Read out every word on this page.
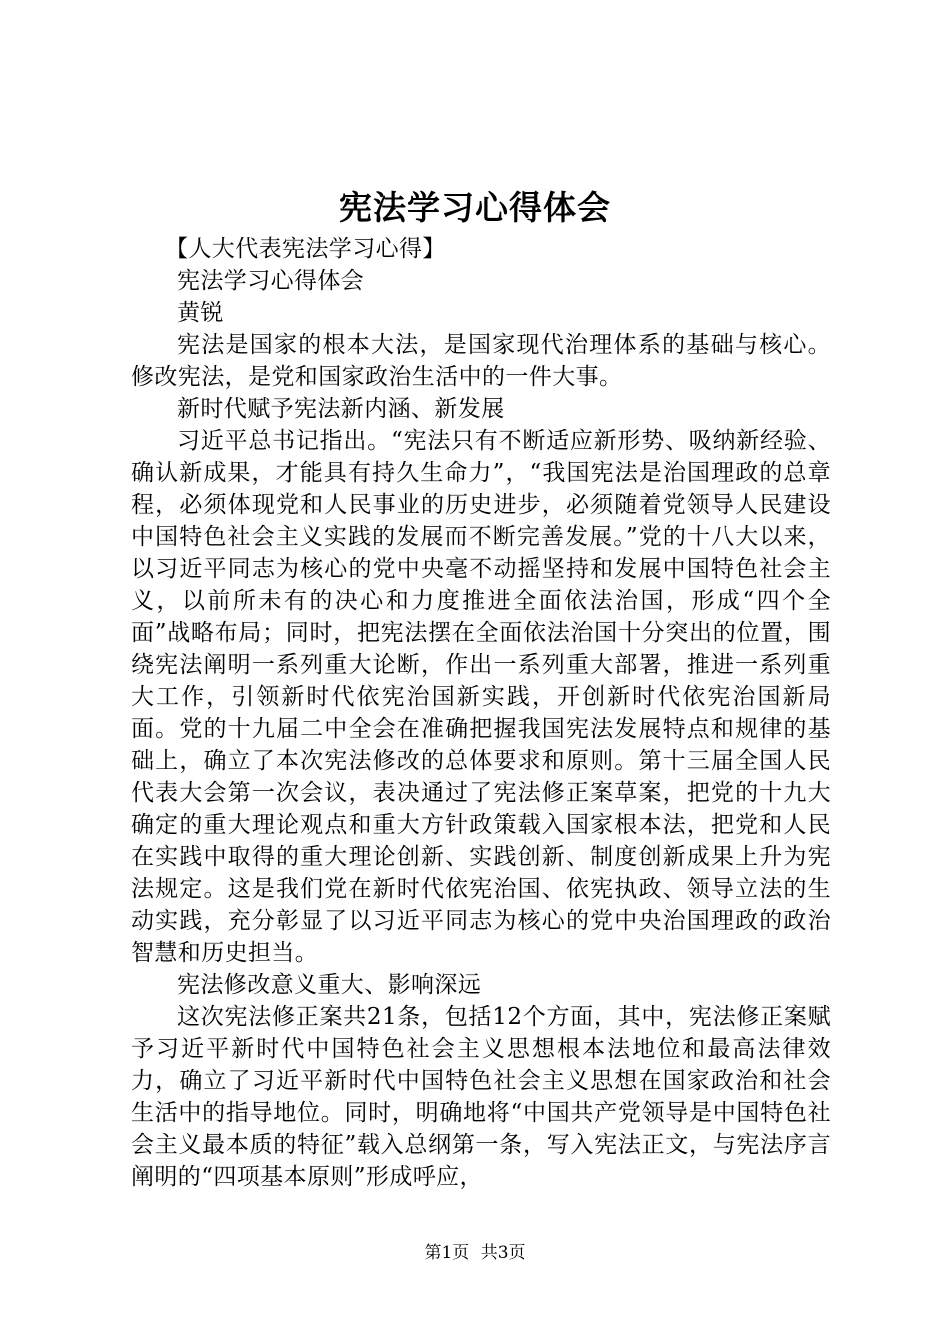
宪法学习心得体会

【人大代表宪法学习心得】

宪法学习心得体会

黄锐

宪法是国家的根本大法，是国家现代治理体系的基础与核心。修改宪法，是党和国家政治生活中的一件大事。

新时代赋予宪法新内涵、新发展

习近平总书记指出。“宪法只有不断适应新形势、吸纳新经验、确认新成果，才能具有持久生命力”，“我国宪法是治国理政的总章程，必须体现党和人民事业的历史进步，必须随着党领导人民建设中国特色社会主义实践的发展而不断完善发展。”党的十八大以来，以习近平同志为核心的党中央毫不动摇坚持和发展中国特色社会主义，以前所未有的决心和力度推进全面依法治国，形成“四个全面”战略布局；同时，把宪法摆在全面依法治国十分突出的位置，围绕宪法阐明一系列重大论断，作出一系列重大部署，推进一系列重大工作，引领新时代依宪治国新实践，开创新时代依宪治国新局面。党的十九届二中全会在准确把握我国宪法发展特点和规律的基础上，确立了本次宪法修改的总体要求和原则。第十三届全国人民代表大会第一次会议，表决通过了宪法修正案草案，把党的十九大确定的重大理论观点和重大方针政策载入国家根本法，把党和人民在实践中取得的重大理论创新、实践创新、制度创新成果上升为宪法规定。这是我们党在新时代依宪治国、依宪执政、领导立法的生动实践，充分彰显了以习近平同志为核心的党中央治国理政的政治智慧和历史担当。

宪法修改意义重大、影响深远

这次宪法修正案共21条，包括12个方面，其中，宪法修正案赋予习近平新时代中国特色社会主义思想根本法地位和最高法律效力，确立了习近平新时代中国特色社会主义思想在国家政治和社会生活中的指导地位。同时，明确地将“中国共产党领导是中国特色社会主义最本质的特征”载入总纲第一条，写入宪法正文，与宪法序言阐明的“四项基本原则”形成呼应，

第1页 共3页
